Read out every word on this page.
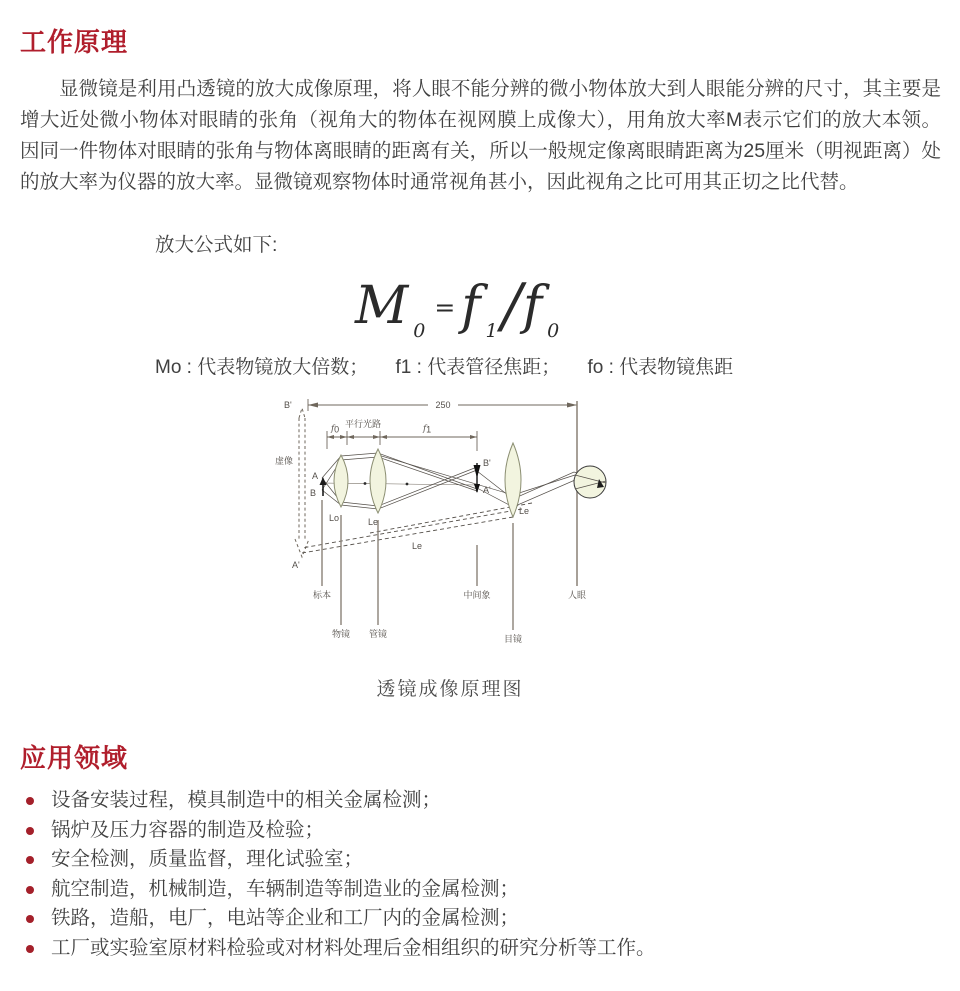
工作原理

显微镜是利用凸透镜的放大成像原理，将人眼不能分辨的微小物体放大到人眼能分辨的尺寸，其主要是增大近处微小物体对眼睛的张角（视角大的物体在视网膜上成像大），用角放大率M表示它们的放大本领。因同一件物体对眼睛的张角与物体离眼睛的距离有关，所以一般规定像离眼睛距离为25厘米（明视距离）处的放大率为仪器的放大率。显微镜观察物体时通常视角甚小，因此视角之比可用其正切之比代替。

放大公式如下:
M 0= f 1/f 0
Mo : 代表物镜放大倍数； f1 : 代表管径焦距； fo : 代表物镜焦距
250
B'
虚像
A'
f0
平行光路	f1
Le
Lo	Le
Le
A
B
B'
A'
标本
物镜 管镜
中间象
目镜
人眼
透镜成像原理图
应用领域
设备安装过程，模具制造中的相关金属检测；
锅炉及压力容器的制造及检验；
安全检测，质量监督，理化试验室；
航空制造，机械制造，车辆制造等制造业的金属检测；
铁路，造船，电厂，电站等企业和工厂内的金属检测；
工厂或实验室原材料检验或对材料处理后金相组织的研究分析等工作。
